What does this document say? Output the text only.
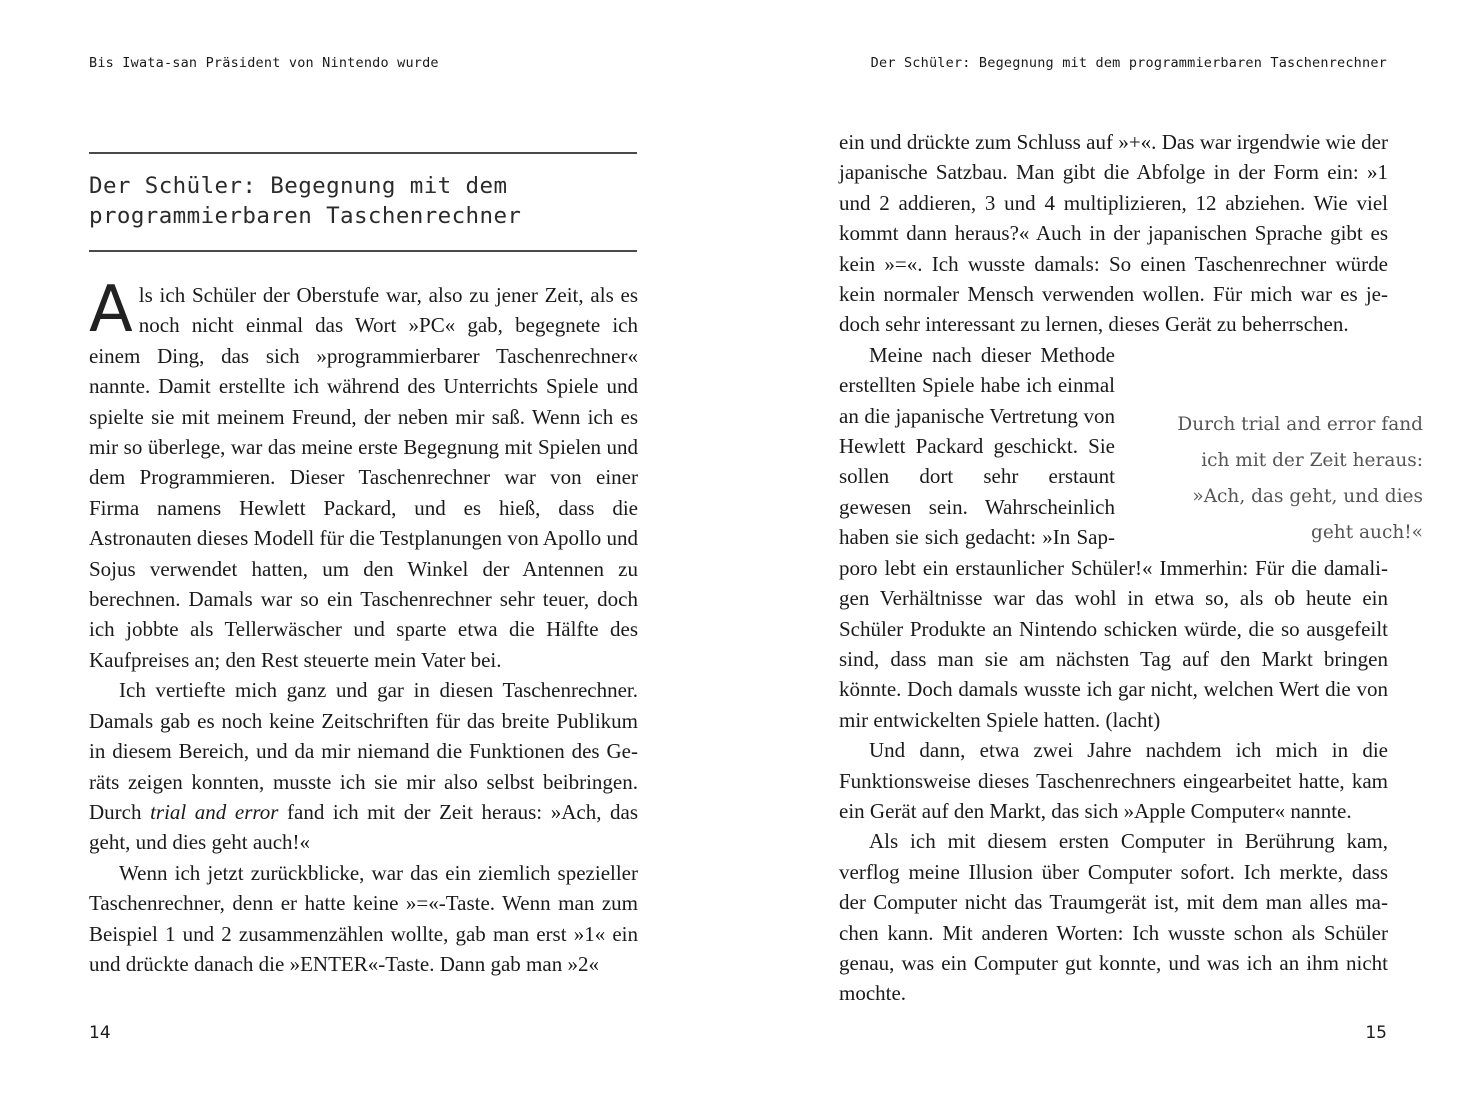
Bis Iwata-san Präsident von Nintendo wurde	Der Schüler: Begegnung mit dem programmierbaren Taschenrechner
Der Schüler: Begegnung mit dem programmierbaren Taschenrechner

Als ich Schüler der Oberstufe war, also zu jener Zeit, als es noch nicht einmal das Wort »PC« gab, begegnete ich einem Ding, das sich »programmierbarer Taschenrechner« nannte. Damit erstellte ich während des Unterrichts Spiele und spielte sie mit meinem Freund, der neben mir saß. Wenn ich es mir so überlege, war das meine erste Begegnung mit Spielen und dem Programmieren. Dieser Taschenrechner war von einer Firma namens Hewlett Packard, und es hieß, dass die Astronauten dieses Modell für die Testplanungen von Apollo und Sojus verwendet hatten, um den Winkel der Antennen zu berechnen. Damals war so ein Taschenrechner sehr teuer, doch ich jobbte als Tellerwäscher und sparte etwa die Hälfte des Kaufpreises an; den Rest steuerte mein Vater bei.

Ich vertiefte mich ganz und gar in diesen Taschenrechner. Damals gab es noch keine Zeitschriften für das breite Publikum in diesem Bereich, und da mir niemand die Funktionen des Geräts zeigen konnten, musste ich sie mir also selbst beibringen. Durch trial and error fand ich mit der Zeit heraus: »Ach, das geht, und dies geht auch!«

Wenn ich jetzt zurückblicke, war das ein ziemlich spezieller Taschenrechner, denn er hatte keine »=«-Taste. Wenn man zum Beispiel 1 und 2 zusammenzählen wollte, gab man erst »1« ein und drückte danach die »ENTER«-Taste. Dann gab man »2«

ein und drückte zum Schluss auf »+«. Das war irgendwie wie der japanische Satzbau. Man gibt die Abfolge in der Form ein: »1 und 2 addieren, 3 und 4 multiplizieren, 12 abziehen. Wie viel kommt dann heraus?« Auch in der japanischen Sprache gibt es kein »=«. Ich wusste damals: So einen Taschenrechner würde kein normaler Mensch verwenden wollen. Für mich war es jedoch sehr interessant zu lernen, dieses Gerät zu beherrschen.

Durch trial and error fand ich mit der Zeit heraus: »Ach, das geht, und dies geht auch!«
Meine nach dieser Methode erstellten Spiele habe ich einmal an die japanische Vertretung von Hewlett Packard geschickt. Sie sollen dort sehr erstaunt gewesen sein. Wahrscheinlich haben sie sich gedacht: »In Sapporo lebt ein erstaunlicher Schüler!« Immerhin: Für die damaligen Verhältnisse war das wohl in etwa so, als ob heute ein Schüler Produkte an Nintendo schicken würde, die so ausgefeilt sind, dass man sie am nächsten Tag auf den Markt bringen könnte. Doch damals wusste ich gar nicht, welchen Wert die von mir entwickelten Spiele hatten. (lacht)

Und dann, etwa zwei Jahre nachdem ich mich in die Funktionsweise dieses Taschenrechners eingearbeitet hatte, kam ein Gerät auf den Markt, das sich »Apple Computer« nannte.

Als ich mit diesem ersten Computer in Berührung kam, verflog meine Illusion über Computer sofort. Ich merkte, dass der Computer nicht das Traumgerät ist, mit dem man alles machen kann. Mit anderen Worten: Ich wusste schon als Schüler genau, was ein Computer gut konnte, und was ich an ihm nicht mochte.

14	15
